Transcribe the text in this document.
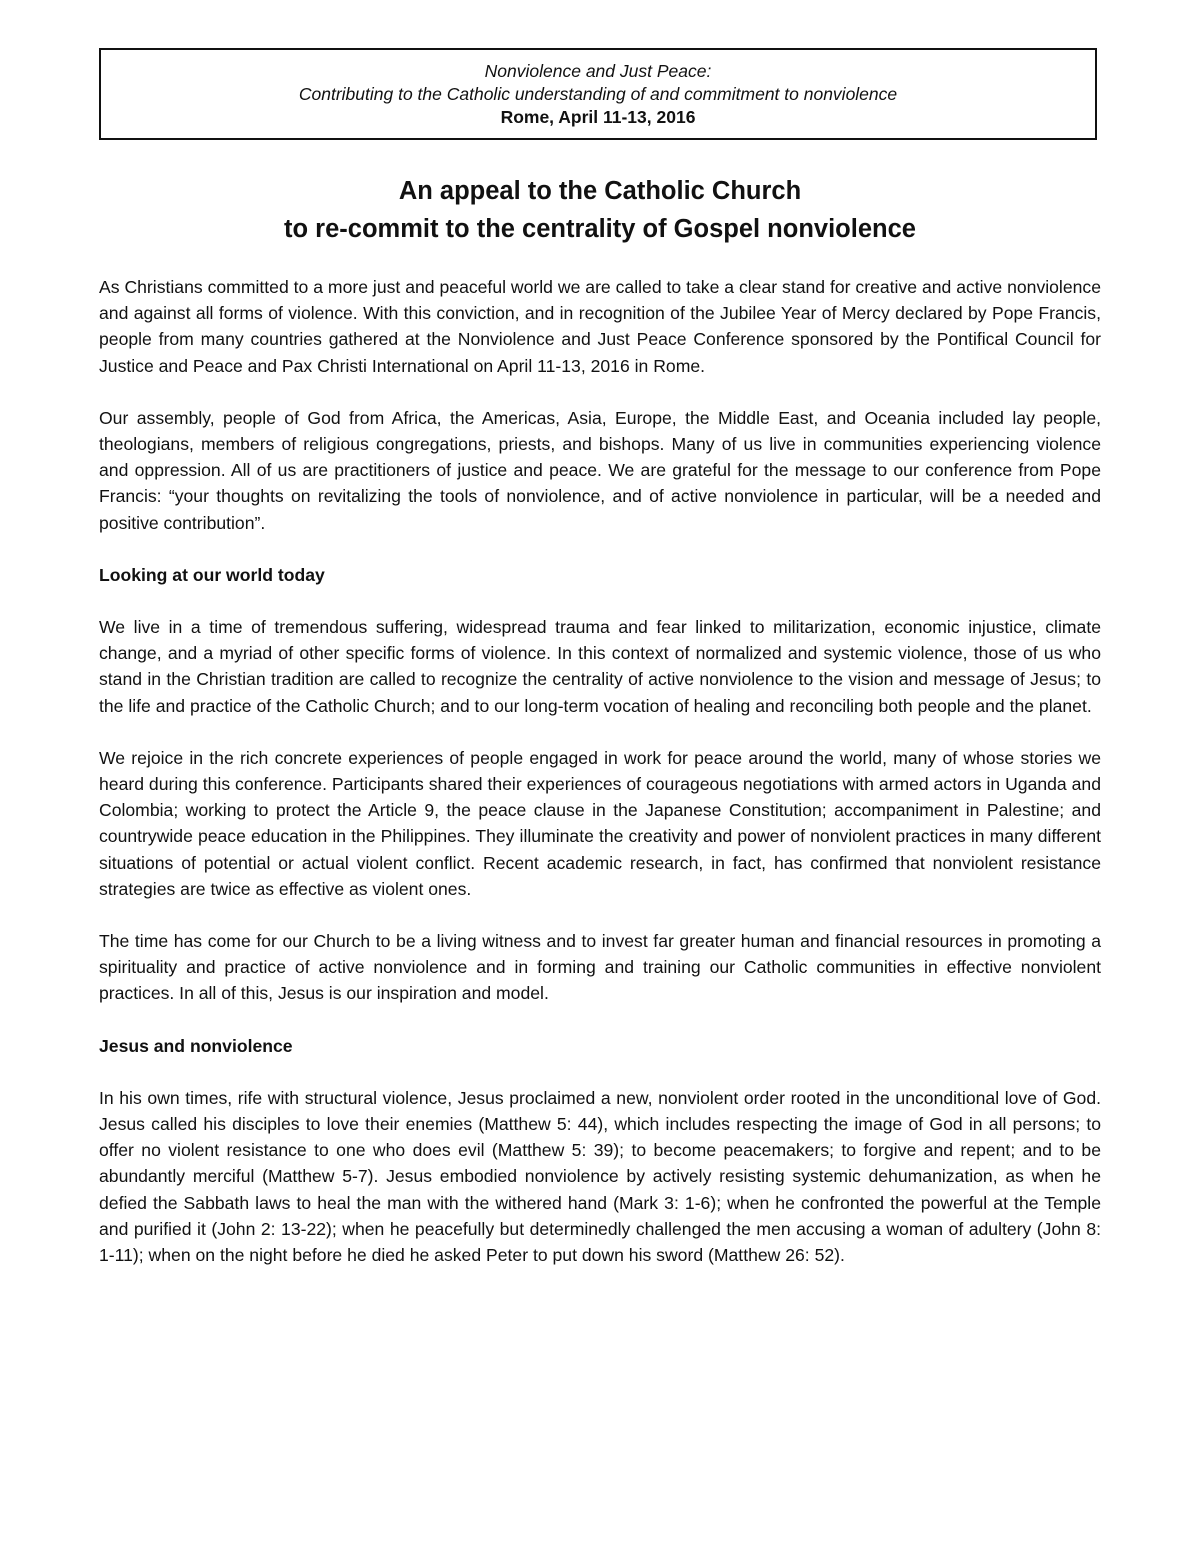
Nonviolence and Just Peace:
Contributing to the Catholic understanding of and commitment to nonviolence
Rome, April 11-13, 2016
An appeal to the Catholic Church
to re-commit to the centrality of Gospel nonviolence

As Christians committed to a more just and peaceful world we are called to take a clear stand for creative and active nonviolence and against all forms of violence. With this conviction, and in recognition of the Jubilee Year of Mercy declared by Pope Francis, people from many countries gathered at the Nonviolence and Just Peace Conference sponsored by the Pontifical Council for Justice and Peace and Pax Christi International on April 11-13, 2016 in Rome.

Our assembly, people of God from Africa, the Americas, Asia, Europe, the Middle East, and Oceania included lay people, theologians, members of religious congregations, priests, and bishops. Many of us live in communities experiencing violence and oppression. All of us are practitioners of justice and peace. We are grateful for the message to our conference from Pope Francis: “your thoughts on revitalizing the tools of nonviolence, and of active nonviolence in particular, will be a needed and positive contribution”.

Looking at our world today

We live in a time of tremendous suffering, widespread trauma and fear linked to militarization, economic injustice, climate change, and a myriad of other specific forms of violence. In this context of normalized and systemic violence, those of us who stand in the Christian tradition are called to recognize the centrality of active nonviolence to the vision and message of Jesus; to the life and practice of the Catholic Church; and to our long-term vocation of healing and reconciling both people and the planet.

We rejoice in the rich concrete experiences of people engaged in work for peace around the world, many of whose stories we heard during this conference. Participants shared their experiences of courageous negotiations with armed actors in Uganda and Colombia; working to protect the Article 9, the peace clause in the Japanese Constitution; accompaniment in Palestine; and countrywide peace education in the Philippines. They illuminate the creativity and power of nonviolent practices in many different situations of potential or actual violent conflict. Recent academic research, in fact, has confirmed that nonviolent resistance strategies are twice as effective as violent ones.

The time has come for our Church to be a living witness and to invest far greater human and financial resources in promoting a spirituality and practice of active nonviolence and in forming and training our Catholic communities in effective nonviolent practices. In all of this, Jesus is our inspiration and model.

Jesus and nonviolence

In his own times, rife with structural violence, Jesus proclaimed a new, nonviolent order rooted in the unconditional love of God. Jesus called his disciples to love their enemies (Matthew 5: 44), which includes respecting the image of God in all persons; to offer no violent resistance to one who does evil (Matthew 5: 39); to become peacemakers; to forgive and repent; and to be abundantly merciful (Matthew 5-7). Jesus embodied nonviolence by actively resisting systemic dehumanization, as when he defied the Sabbath laws to heal the man with the withered hand (Mark 3: 1-6); when he confronted the powerful at the Temple and purified it (John 2: 13-22); when he peacefully but determinedly challenged the men accusing a woman of adultery (John 8: 1-11); when on the night before he died he asked Peter to put down his sword (Matthew 26: 52).
